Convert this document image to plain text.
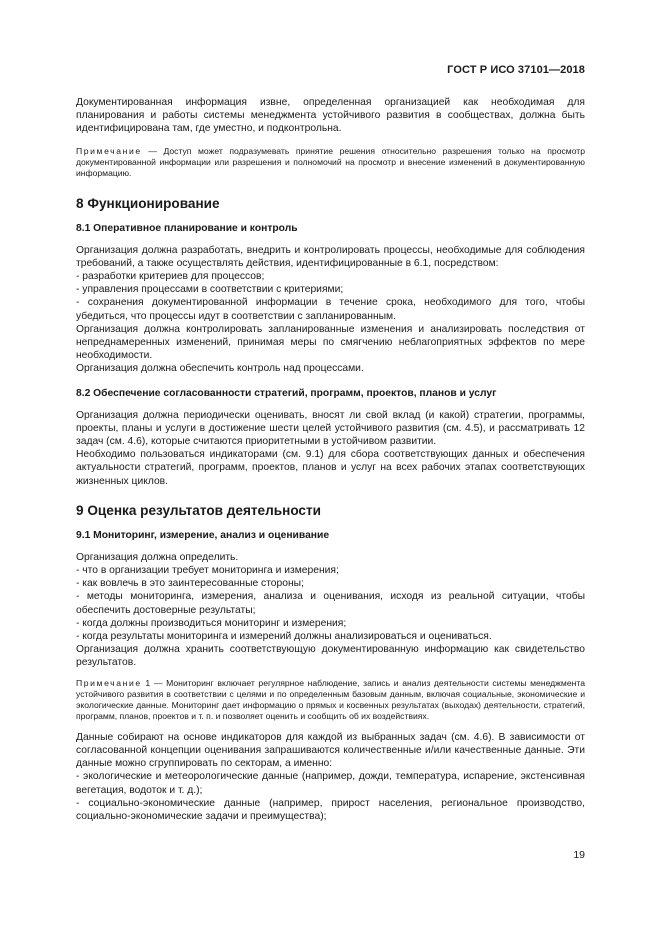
ГОСТ Р ИСО 37101—2018

Документированная информация извне, определенная организацией как необходимая для планирования и работы системы менеджмента устойчивого развития в сообществах, должна быть идентифицирована там, где уместно, и подконтрольна.

Примечание — Доступ может подразумевать принятие решения относительно разрешения только на просмотр документированной информации или разрешения и полномочий на просмотр и внесение изменений в документированную информацию.

8 Функционирование
8.1 Оперативное планирование и контроль

Организация должна разработать, внедрить и контролировать процессы, необходимые для соблюдения требований, а также осуществлять действия, идентифицированные в 6.1, посредством:

- разработки критериев для процессов;

- управления процессами в соответствии с критериями;

- сохранения документированной информации в течение срока, необходимого для того, чтобы убедиться, что процессы идут в соответствии с запланированным.

Организация должна контролировать запланированные изменения и анализировать последствия от непреднамеренных изменений, принимая меры по смягчению неблагоприятных эффектов по мере необходимости.

Организация должна обеспечить контроль над процессами.

8.2 Обеспечение согласованности стратегий, программ, проектов, планов и услуг

Организация должна периодически оценивать, вносят ли свой вклад (и какой) стратегии, программы, проекты, планы и услуги в достижение шести целей устойчивого развития (см. 4.5), и рассматривать 12 задач (см. 4.6), которые считаются приоритетными в устойчивом развитии.

Необходимо пользоваться индикаторами (см. 9.1) для сбора соответствующих данных и обеспечения актуальности стратегий, программ, проектов, планов и услуг на всех рабочих этапах соответствующих жизненных циклов.

9 Оценка результатов деятельности
9.1 Мониторинг, измерение, анализ и оценивание

Организация должна определить.

- что в организации требует мониторинга и измерения;

- как вовлечь в это заинтересованные стороны;

- методы мониторинга, измерения, анализа и оценивания, исходя из реальной ситуации, чтобы обеспечить достоверные результаты;

- когда должны производиться мониторинг и измерения;

- когда результаты мониторинга и измерений должны анализироваться и оцениваться.

Организация должна хранить соответствующую документированную информацию как свидетельство результатов.

Примечание 1 — Мониторинг включает регулярное наблюдение, запись и анализ деятельности системы менеджмента устойчивого развития в соответствии с целями и по определенным базовым данным, включая социальные, экономические и экологические данные. Мониторинг дает информацию о прямых и косвенных результатах (выходах) деятельности, стратегий, программ, планов, проектов и т. п. и позволяет оценить и сообщить об их воздействиях.

Данные собирают на основе индикаторов для каждой из выбранных задач (см. 4.6). В зависимости от согласованной концепции оценивания запрашиваются количественные и/или качественные данные. Эти данные можно сгруппировать по секторам, а именно:

- экологические и метеорологические данные (например, дожди, температура, испарение, экстенсивная вегетация, водоток и т. д.);

- социально-экономические данные (например, прирост населения, региональное производство, социально-экономические задачи и преимущества);

19
